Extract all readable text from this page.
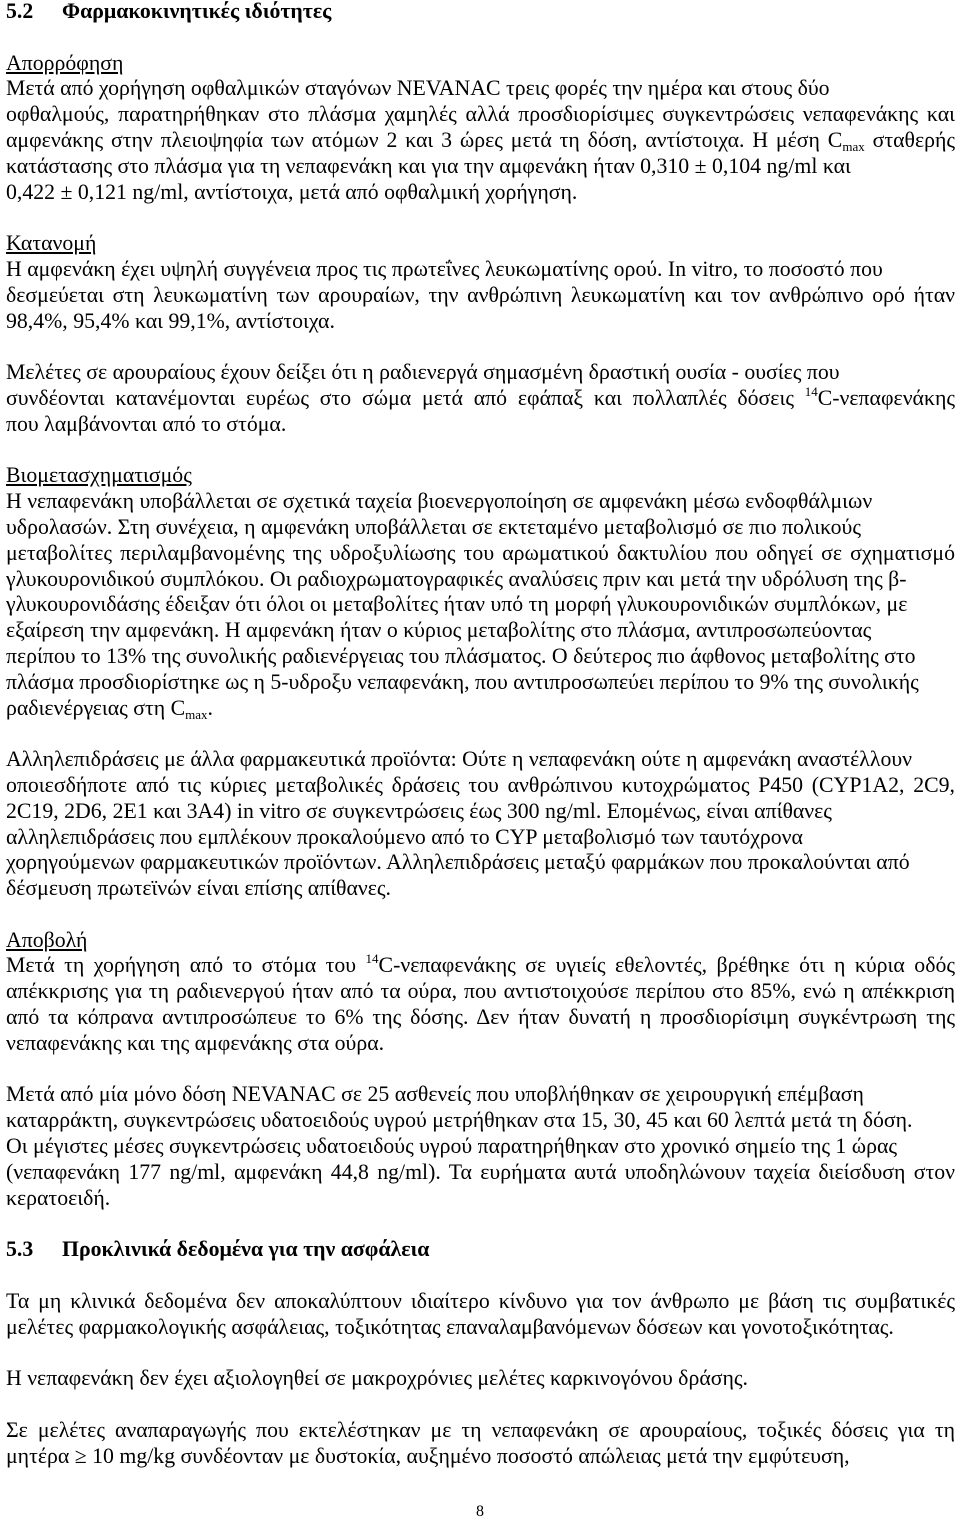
5.2 Φαρμακοκινητικές ιδιότητες
Απορρόφηση
Μετά από χορήγηση οφθαλμικών σταγόνων NEVANAC τρεις φορές την ημέρα και στους δύο
οφθαλμούς, παρατηρήθηκαν στο πλάσμα χαμηλές αλλά προσδιορίσιμες συγκεντρώσεις νεπαφενάκης και
αμφενάκης στην πλειοψηφία των ατόμων 2 και 3 ώρες μετά τη δόση, αντίστοιχα. Η μέση $C_{max}$ σταθερής
κατάστασης στο πλάσμα για τη νεπαφενάκη και για την αμφενάκη ήταν 0,310 ± 0,104 ng/ml και
0,422 ± 0,121 ng/ml, αντίστοιχα, μετά από οφθαλμική χορήγηση.
Κατανομή
Η αμφενάκη έχει υψηλή συγγένεια προς τις πρωτεΐνες λευκωματίνης ορού. In vitro, το ποσοστό που
δεσμεύεται στη λευκωματίνη των αρουραίων, την ανθρώπινη λευκωματίνη και τον ανθρώπινο ορό ήταν
98,4%, 95,4% και 99,1%, αντίστοιχα.
Μελέτες σε αρουραίους έχουν δείξει ότι η ραδιενεργά σημασμένη δραστική ουσία - ουσίες που
συνδέονται κατανέμονται ευρέως στο σώμα μετά από εφάπαξ και πολλαπλές δόσεις $^{14}$C-νεπαφενάκης
που λαμβάνονται από το στόμα.
Βιομετασχηματισμός
Η νεπαφενάκη υποβάλλεται σε σχετικά ταχεία βιοενεργοποίηση σε αμφενάκη μέσω ενδοφθάλμιων
υδρολασών. Στη συνέχεια, η αμφενάκη υποβάλλεται σε εκτεταμένο μεταβολισμό σε πιο πολικούς
μεταβολίτες περιλαμβανομένης της υδροξυλίωσης του αρωματικού δακτυλίου που οδηγεί σε σχηματισμό
γλυκουρονιδικού συμπλόκου. Οι ραδιοχρωματογραφικές αναλύσεις πριν και μετά την υδρόλυση της β-
γλυκουρονιδάσης έδειξαν ότι όλοι οι μεταβολίτες ήταν υπό τη μορφή γλυκουρονιδικών συμπλόκων, με
εξαίρεση την αμφενάκη. Η αμφενάκη ήταν ο κύριος μεταβολίτης στο πλάσμα, αντιπροσωπεύοντας
περίπου το 13% της συνολικής ραδιενέργειας του πλάσματος. Ο δεύτερος πιο άφθονος μεταβολίτης στο
πλάσμα προσδιορίστηκε ως η 5-υδροξυ νεπαφενάκη, που αντιπροσωπεύει περίπου το 9% της συνολικής
ραδιενέργειας στη $C_{max}$.
Αλληλεπιδράσεις με άλλα φαρμακευτικά προϊόντα: Ούτε η νεπαφενάκη ούτε η αμφενάκη αναστέλλουν
οποιεσδήποτε από τις κύριες μεταβολικές δράσεις του ανθρώπινου κυτοχρώματος P450 (CYP1A2, 2C9,
2C19, 2D6, 2E1 και 3A4) in vitro σε συγκεντρώσεις έως 300 ng/ml. Επομένως, είναι απίθανες
αλληλεπιδράσεις που εμπλέκουν προκαλούμενο από το CYP μεταβολισμό των ταυτόχρονα
χορηγούμενων φαρμακευτικών προϊόντων. Αλληλεπιδράσεις μεταξύ φαρμάκων που προκαλούνται από
δέσμευση πρωτεϊνών είναι επίσης απίθανες.
Αποβολή
Μετά τη χορήγηση από το στόμα του $^{14}$C-νεπαφενάκης σε υγιείς εθελοντές, βρέθηκε ότι η κύρια οδός
απέκκρισης για τη ραδιενεργού ήταν από τα ούρα, που αντιστοιχούσε περίπου στο 85%, ενώ η απέκκριση
από τα κόπρανα αντιπροσώπευε το 6% της δόσης. Δεν ήταν δυνατή η προσδιορίσιμη συγκέντρωση της
νεπαφενάκης και της αμφενάκης στα ούρα.
Μετά από μία μόνο δόση NEVANAC σε 25 ασθενείς που υποβλήθηκαν σε χειρουργική επέμβαση
καταρράκτη, συγκεντρώσεις υδατοειδούς υγρού μετρήθηκαν στα 15, 30, 45 και 60 λεπτά μετά τη δόση.
Οι μέγιστες μέσες συγκεντρώσεις υδατοειδούς υγρού παρατηρήθηκαν στο χρονικό σημείο της 1 ώρας
(νεπαφενάκη 177 ng/ml, αμφενάκη 44,8 ng/ml). Τα ευρήματα αυτά υποδηλώνουν ταχεία διείσδυση στον
κερατοειδή.
5.3 Προκλινικά δεδομένα για την ασφάλεια
Τα μη κλινικά δεδομένα δεν αποκαλύπτουν ιδιαίτερο κίνδυνο για τον άνθρωπο με βάση τις συμβατικές
μελέτες φαρμακολογικής ασφάλειας, τοξικότητας επαναλαμβανόμενων δόσεων και γονοτοξικότητας.
Η νεπαφενάκη δεν έχει αξιολογηθεί σε μακροχρόνιες μελέτες καρκινογόνου δράσης.
Σε μελέτες αναπαραγωγής που εκτελέστηκαν με τη νεπαφενάκη σε αρουραίους, τοξικές δόσεις για τη
μητέρα ≥ 10 mg/kg συνδέονταν με δυστοκία, αυξημένο ποσοστό απώλειας μετά την εμφύτευση,
8
